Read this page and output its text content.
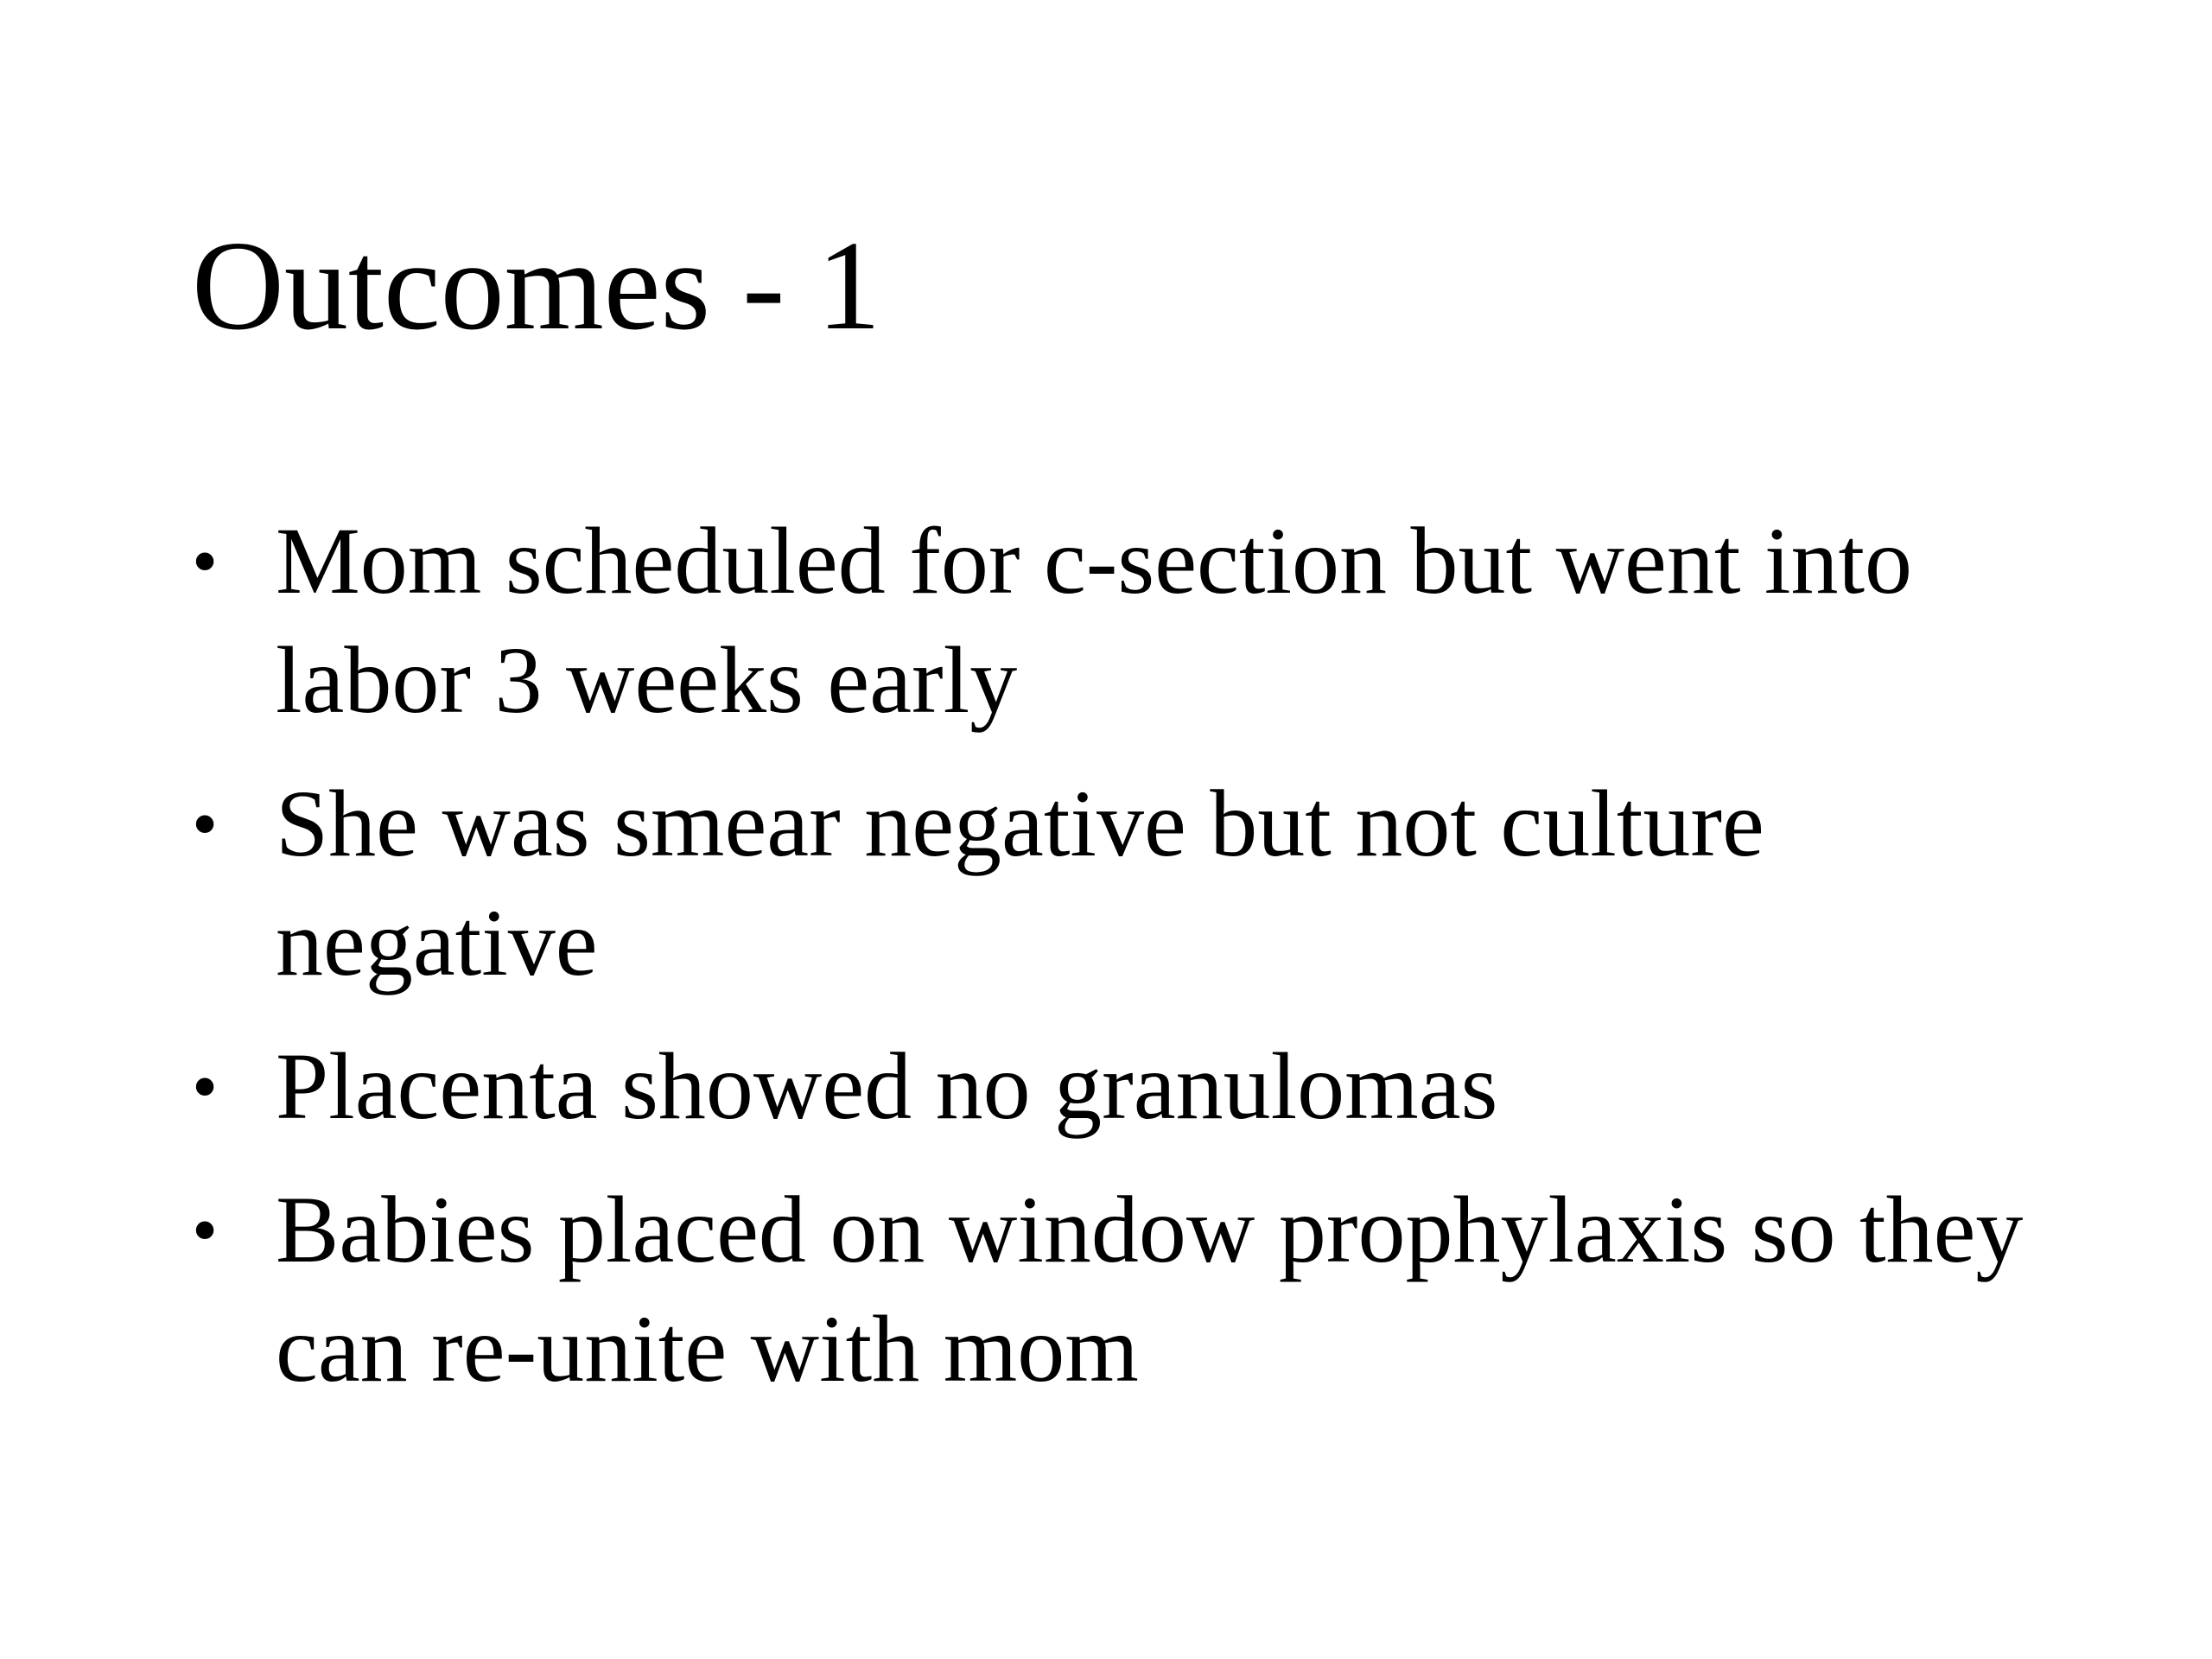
Outcomes - 1
• Mom scheduled for c-section but went into labor 3 weeks early
• She was smear negative but not culture negative
• Placenta showed no granulomas
• Babies placed on window prophylaxis so they can re-unite with mom
